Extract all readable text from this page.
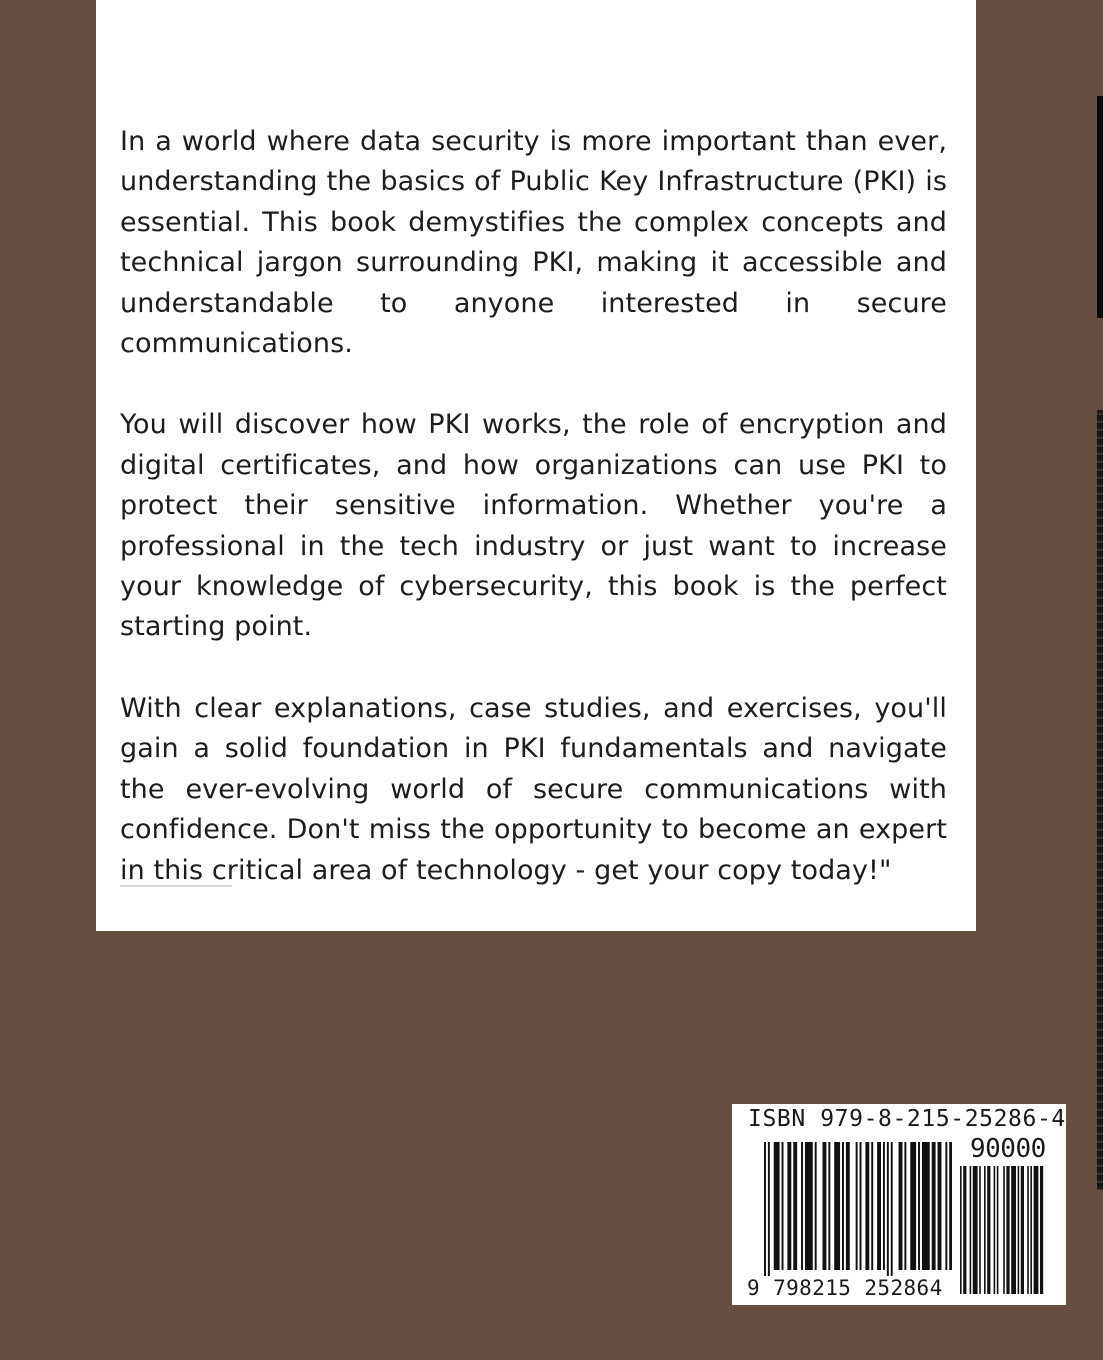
In a world where data security is more important than ever, understanding the basics of Public Key Infrastructure (PKI) is essential. This book demystifies the complex concepts and technical jargon surrounding PKI, making it accessible and understandable to anyone interested in secure communications.

You will discover how PKI works, the role of encryption and digital certificates, and how organizations can use PKI to protect their sensitive information. Whether you're a professional in the tech industry or just want to increase your knowledge of cybersecurity, this book is the perfect starting point.

With clear explanations, case studies, and exercises, you'll gain a solid foundation in PKI fundamentals and navigate the ever-evolving world of secure communications with confidence. Don't miss the opportunity to become an expert in this critical area of technology - get your copy today!"

ISBN 979-8-215-25286-4
90000
9 798215 252864
